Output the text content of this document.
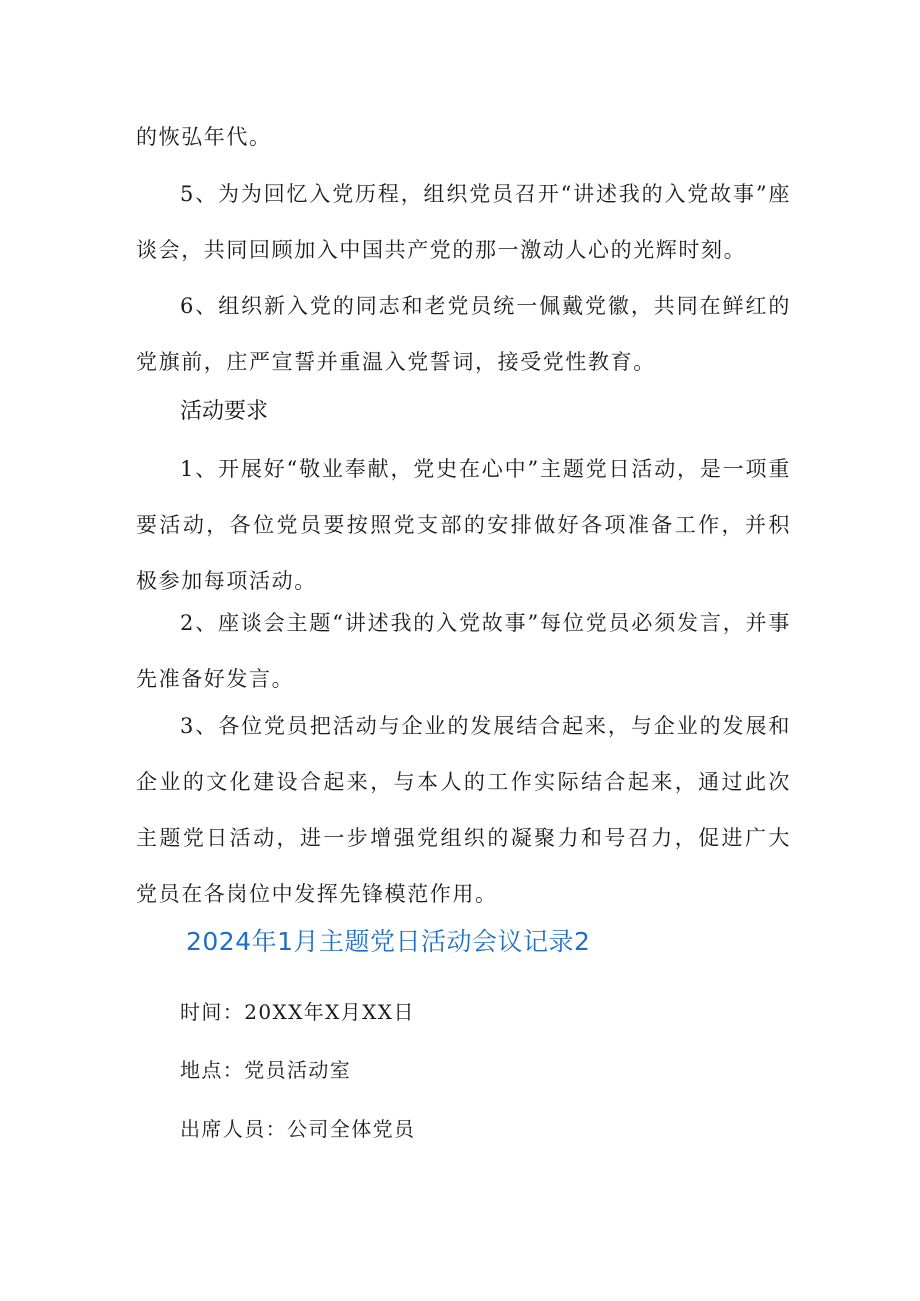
的恢弘年代。

5、为为回忆入党历程，组织党员召开“讲述我的入党故事”座谈会，共同回顾加入中国共产党的那一激动人心的光辉时刻。

6、组织新入党的同志和老党员统一佩戴党徽，共同在鲜红的党旗前，庄严宣誓并重温入党誓词，接受党性教育。

活动要求

1、开展好“敬业奉献，党史在心中”主题党日活动，是一项重要活动，各位党员要按照党支部的安排做好各项准备工作，并积极参加每项活动。

2、座谈会主题“讲述我的入党故事”每位党员必须发言，并事先准备好发言。

3、各位党员把活动与企业的发展结合起来，与企业的发展和企业的文化建设合起来，与本人的工作实际结合起来，通过此次主题党日活动，进一步增强党组织的凝聚力和号召力，促进广大党员在各岗位中发挥先锋模范作用。

2024年1月主题党日活动会议记录2

时间：20XX年X月XX日

地点：党员活动室

出席人员：公司全体党员
